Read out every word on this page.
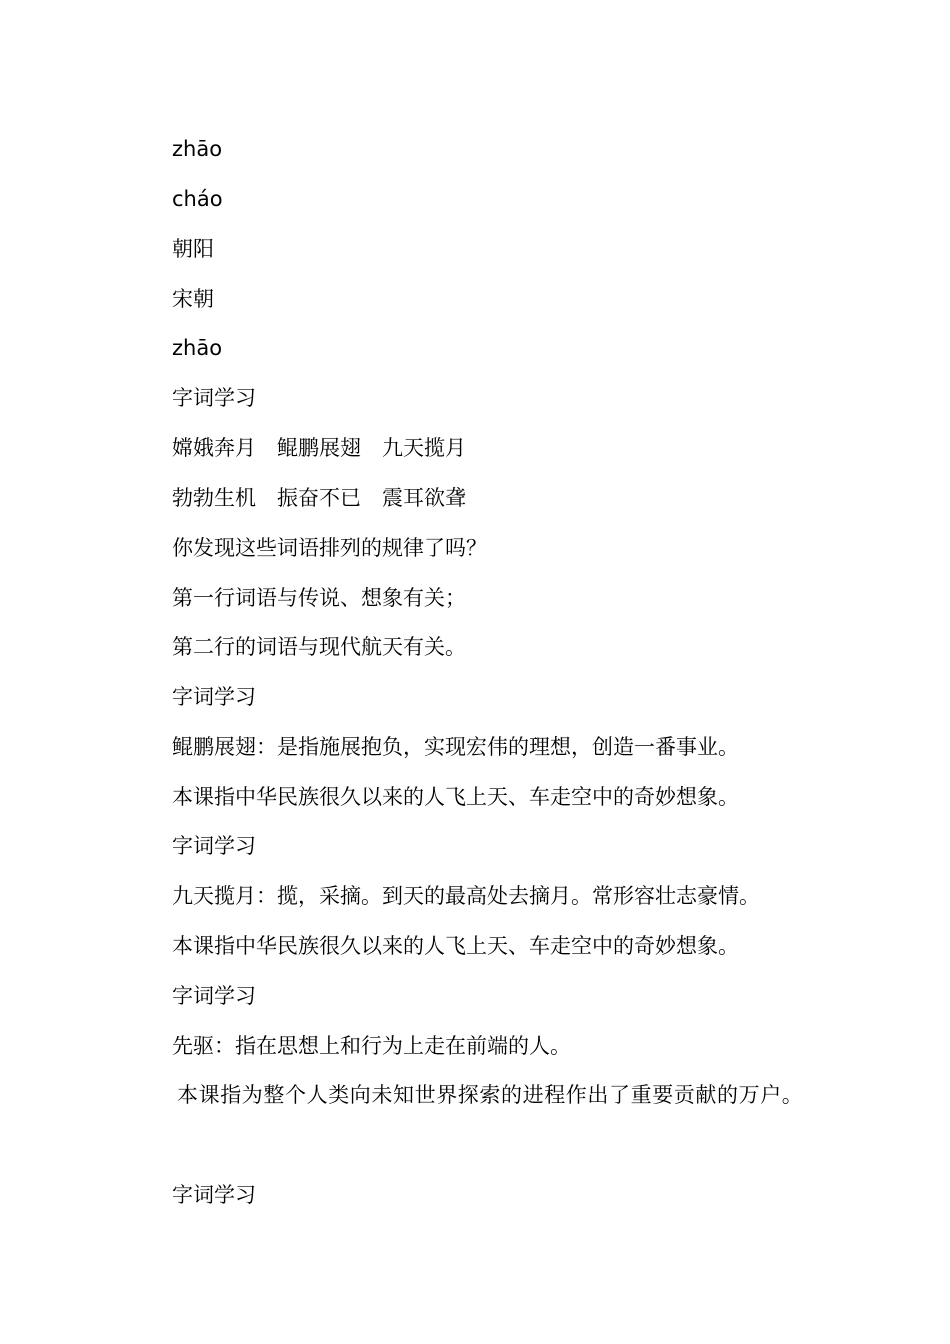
zhāo
cháo
朝阳
宋朝
zhāo
字词学习
嫦娥奔月　鲲鹏展翅　九天揽月
勃勃生机　振奋不已　震耳欲聋
你发现这些词语排列的规律了吗？
第一行词语与传说、想象有关；
第二行的词语与现代航天有关。
字词学习
鲲鹏展翅：是指施展抱负，实现宏伟的理想，创造一番事业。
本课指中华民族很久以来的人飞上天、车走空中的奇妙想象。
字词学习
九天揽月：揽，采摘。到天的最高处去摘月。常形容壮志豪情。
本课指中华民族很久以来的人飞上天、车走空中的奇妙想象。
字词学习
先驱：指在思想上和行为上走在前端的人。
本课指为整个人类向未知世界探索的进程作出了重要贡献的万户。
字词学习
